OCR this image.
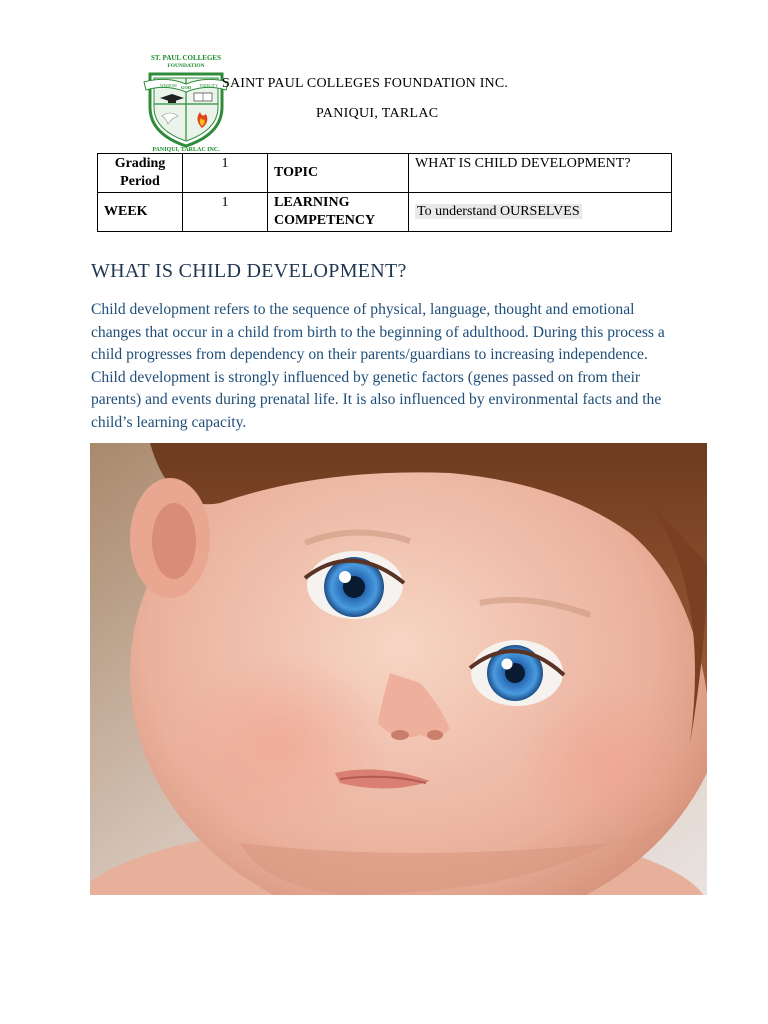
ST. PAUL COLLEGES
FOUNDATION
WISDOM GOD FIDELITY
PANIQUI, TARLAC INC.
SAINT PAUL COLLEGES FOUNDATION INC.
PANIQUI, TARLAC
Grading Period	1	TOPIC	WHAT IS CHILD DEVELOPMENT?
WEEK	1	LEARNING COMPETENCY	To understand OURSELVES
WHAT IS CHILD DEVELOPMENT?

Child development refers to the sequence of physical, language, thought and emotional changes that occur in a child from birth to the beginning of adulthood. During this process a child progresses from dependency on their parents/guardians to increasing independence. Child development is strongly influenced by genetic factors (genes passed on from their parents) and events during prenatal life. It is also influenced by environmental facts and the child’s learning capacity.
